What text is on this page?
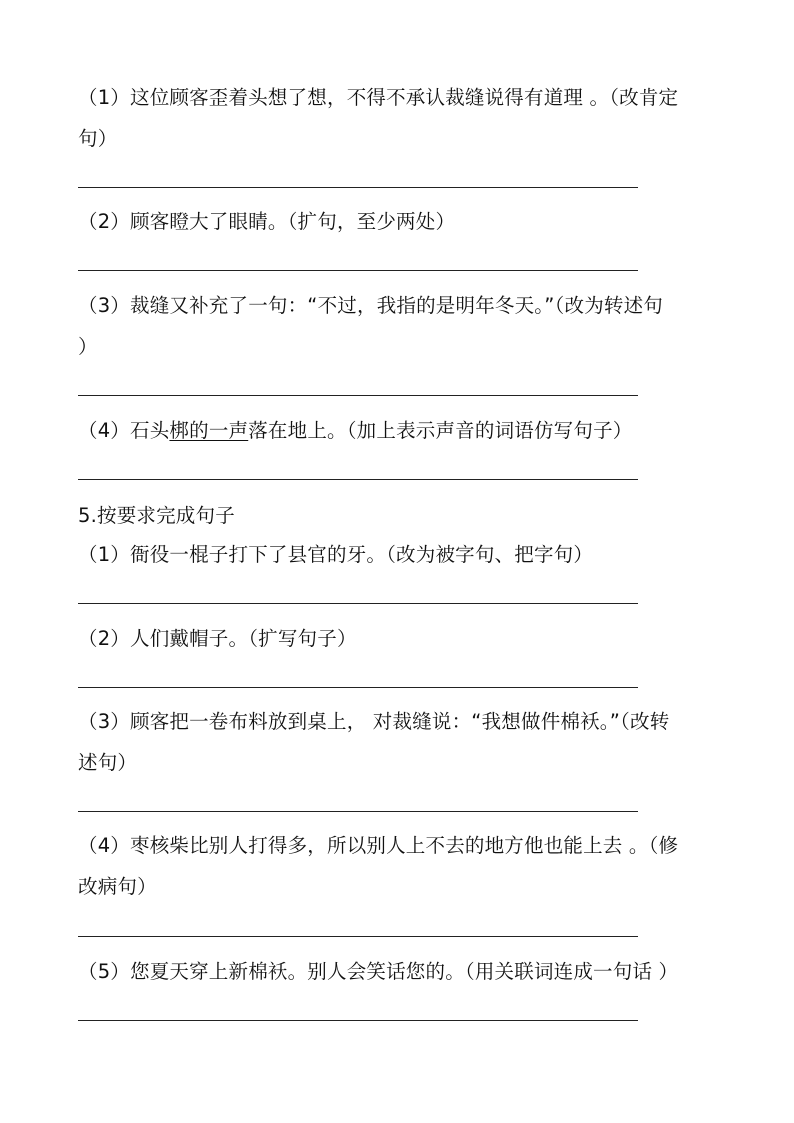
（1）这位顾客歪着头想了想，不得不承认裁缝说得有道理 。（改肯定
句）
（2）顾客瞪大了眼睛。（扩句，至少两处）
（3）裁缝又补充了一句：“不过，我指的是明年冬天。”（改为转述句
）
（4）石头梆的一声落在地上。（加上表示声音的词语仿写句子）
5.按要求完成句子
（1）衙役一棍子打下了县官的牙。（改为被字句、把字句）
（2）人们戴帽子。（扩写句子）
（3）顾客把一卷布料放到桌上， 对裁缝说：“我想做件棉袄。”（改转
述句）
（4）枣核柴比别人打得多，所以别人上不去的地方他也能上去 。（修
改病句）
（5）您夏天穿上新棉袄。别人会笑话您的。（用关联词连成一句话 ）
